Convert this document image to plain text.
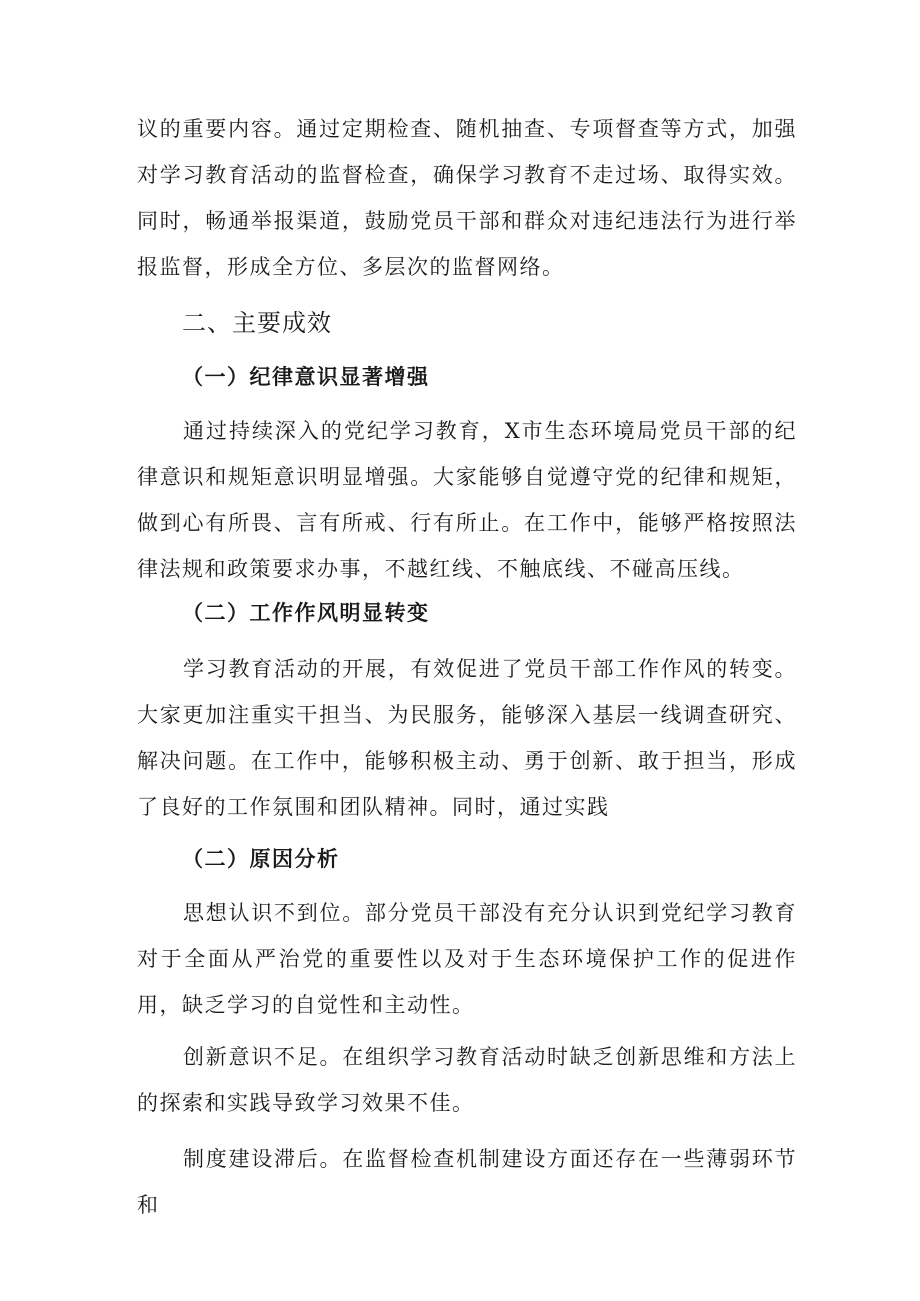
议的重要内容。通过定期检查、随机抽查、专项督查等方式，加强对学习教育活动的监督检查，确保学习教育不走过场、取得实效。同时，畅通举报渠道，鼓励党员干部和群众对违纪违法行为进行举报监督，形成全方位、多层次的监督网络。

二、主要成效
（一）纪律意识显著增强

通过持续深入的党纪学习教育，X市生态环境局党员干部的纪律意识和规矩意识明显增强。大家能够自觉遵守党的纪律和规矩，做到心有所畏、言有所戒、行有所止。在工作中，能够严格按照法律法规和政策要求办事，不越红线、不触底线、不碰高压线。

（二）工作作风明显转变

学习教育活动的开展，有效促进了党员干部工作作风的转变。大家更加注重实干担当、为民服务，能够深入基层一线调查研究、解决问题。在工作中，能够积极主动、勇于创新、敢于担当，形成了良好的工作氛围和团队精神。同时，通过实践

（二）原因分析

思想认识不到位。部分党员干部没有充分认识到党纪学习教育对于全面从严治党的重要性以及对于生态环境保护工作的促进作用，缺乏学习的自觉性和主动性。

创新意识不足。在组织学习教育活动时缺乏创新思维和方法上的探索和实践导致学习效果不佳。

制度建设滞后。在监督检查机制建设方面还存在一些薄弱环节和
